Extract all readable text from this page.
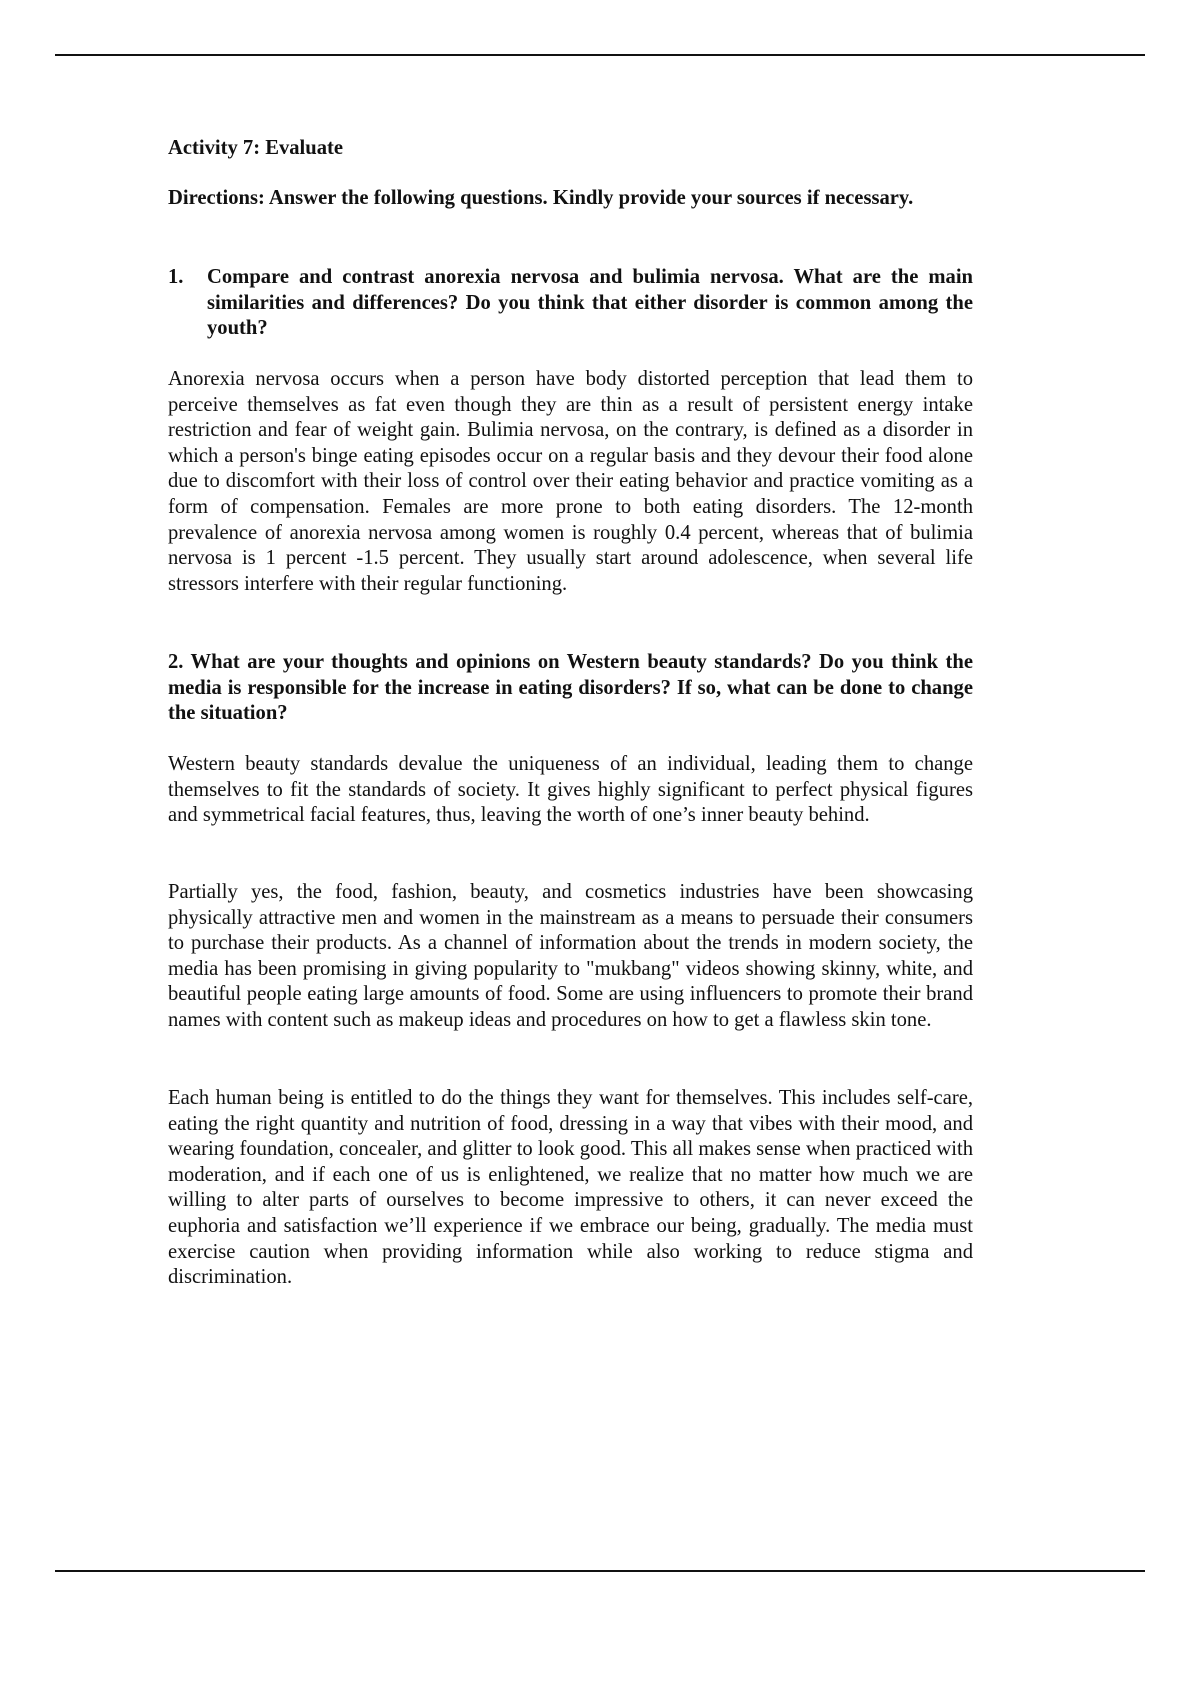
Activity 7: Evaluate

Directions: Answer the following questions. Kindly provide your sources if necessary.

1.	Compare and contrast anorexia nervosa and bulimia nervosa. What are the main similarities and differences? Do you think that either disorder is common among the youth?

Anorexia nervosa occurs when a person have body distorted perception that lead them to perceive themselves as fat even though they are thin as a result of persistent energy intake restriction and fear of weight gain. Bulimia nervosa, on the contrary, is defined as a disorder in which a person's binge eating episodes occur on a regular basis and they devour their food alone due to discomfort with their loss of control over their eating behavior and practice vomiting as a form of compensation. Females are more prone to both eating disorders. The 12-month prevalence of anorexia nervosa among women is roughly 0.4 percent, whereas that of bulimia nervosa is 1 percent -1.5 percent. They usually start around adolescence, when several life stressors interfere with their regular functioning.

2. What are your thoughts and opinions on Western beauty standards? Do you think the media is responsible for the increase in eating disorders? If so, what can be done to change the situation?

Western beauty standards devalue the uniqueness of an individual, leading them to change themselves to fit the standards of society. It gives highly significant to perfect physical figures and symmetrical facial features, thus, leaving the worth of one’s inner beauty behind.

Partially yes, the food, fashion, beauty, and cosmetics industries have been showcasing physically attractive men and women in the mainstream as a means to persuade their consumers to purchase their products. As a channel of information about the trends in modern society, the media has been promising in giving popularity to "mukbang" videos showing skinny, white, and beautiful people eating large amounts of food. Some are using influencers to promote their brand names with content such as makeup ideas and procedures on how to get a flawless skin tone.

Each human being is entitled to do the things they want for themselves. This includes self-care, eating the right quantity and nutrition of food, dressing in a way that vibes with their mood, and wearing foundation, concealer, and glitter to look good. This all makes sense when practiced with moderation, and if each one of us is enlightened, we realize that no matter how much we are willing to alter parts of ourselves to become impressive to others, it can never exceed the euphoria and satisfaction we’ll experience if we embrace our being, gradually. The media must exercise caution when providing information while also working to reduce stigma and discrimination.
